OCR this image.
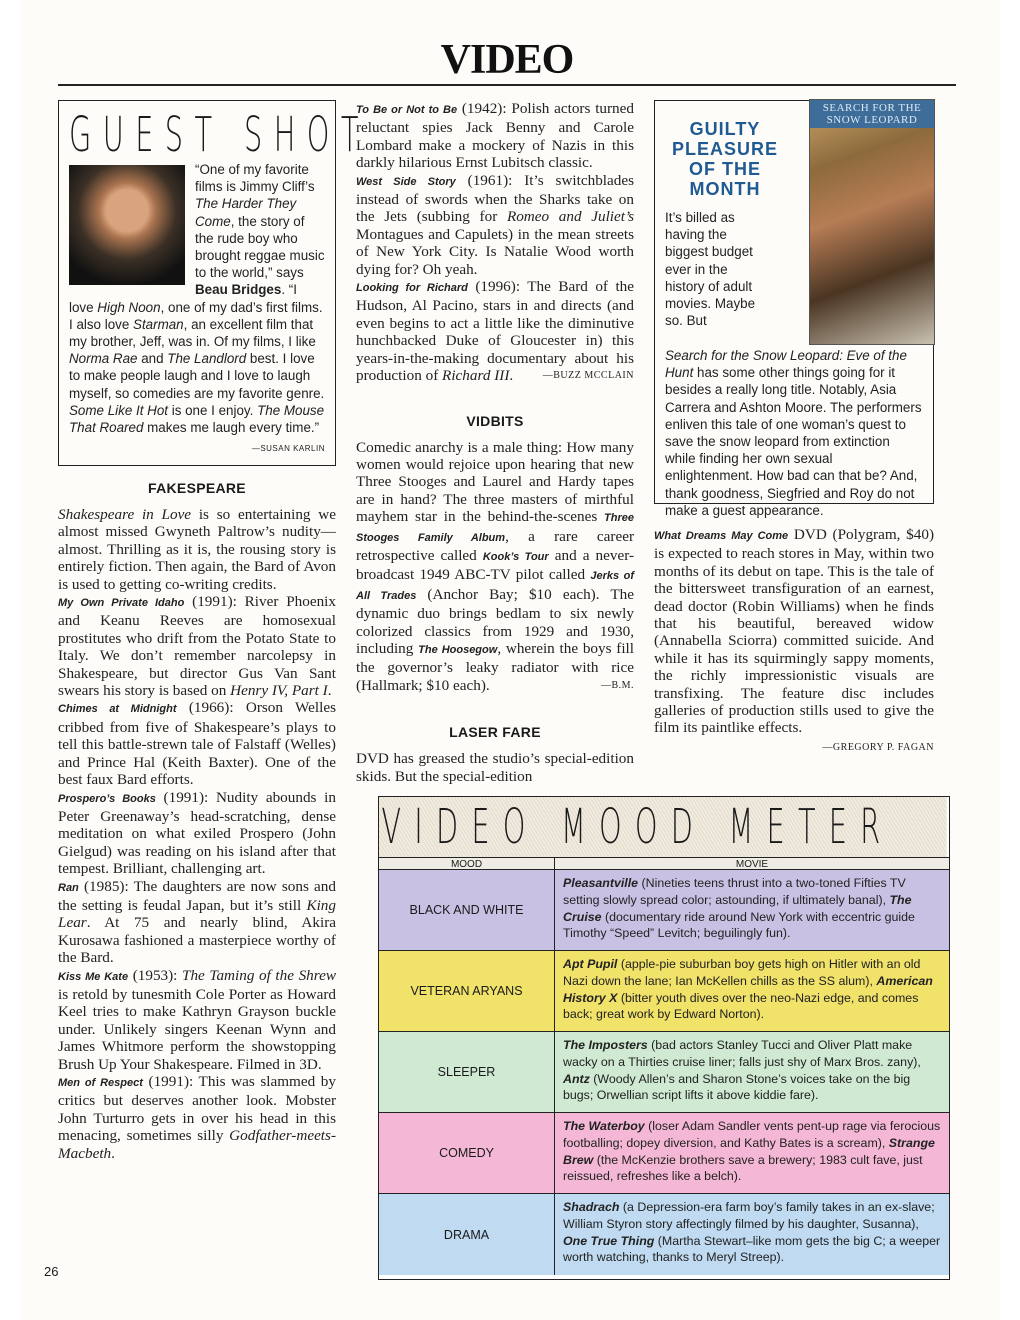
VIDEO
GUEST SHOT

“One of my favorite films is Jimmy Cliff’s The Harder They Come, the story of the rude boy who brought reggae music to the world,” says Beau Bridges. “I love High Noon, one of my dad’s first films. I also love Starman, an excellent film that my brother, Jeff, was in. Of my films, I like Norma Rae and The Landlord best. I love to make people laugh and I love to laugh myself, so comedies are my favorite genre. Some Like It Hot is one I enjoy. The Mouse That Roared makes me laugh every time.”
—SUSAN KARLIN

FAKESPEARE

Shakespeare in Love is so entertaining we almost missed Gwyneth Paltrow’s nudity—almost. Thrilling as it is, the rousing story is entirely fiction. Then again, the Bard of Avon is used to getting co-writing credits.

My Own Private Idaho (1991): River Phoenix and Keanu Reeves are homosexual prostitutes who drift from the Potato State to Italy. We don’t remember narcolepsy in Shakespeare, but director Gus Van Sant swears his story is based on Henry IV, Part I.

Chimes at Midnight (1966): Orson Welles cribbed from five of Shakespeare’s plays to tell this battle-strewn tale of Falstaff (Welles) and Prince Hal (Keith Baxter). One of the best faux Bard efforts.

Prospero’s Books (1991): Nudity abounds in Peter Greenaway’s head-scratching, dense meditation on what exiled Prospero (John Gielgud) was reading on his island after that tempest. Brilliant, challenging art.

Ran (1985): The daughters are now sons and the setting is feudal Japan, but it’s still King Lear. At 75 and nearly blind, Akira Kurosawa fashioned a masterpiece worthy of the Bard.

Kiss Me Kate (1953): The Taming of the Shrew is retold by tunesmith Cole Porter as Howard Keel tries to make Kathryn Grayson buckle under. Unlikely singers Keenan Wynn and James Whitmore perform the showstopping Brush Up Your Shakespeare. Filmed in 3D.

Men of Respect (1991): This was slammed by critics but deserves another look. Mobster John Turturro gets in over his head in this menacing, sometimes silly Godfather-meets-Macbeth.

To Be or Not to Be (1942): Polish actors turned reluctant spies Jack Benny and Carole Lombard make a mockery of Nazis in this darkly hilarious Ernst Lubitsch classic.

West Side Story (1961): It’s switchblades instead of swords when the Sharks take on the Jets (subbing for Romeo and Juliet’s Montagues and Capulets) in the mean streets of New York City. Is Natalie Wood worth dying for? Oh yeah.

Looking for Richard (1996): The Bard of the Hudson, Al Pacino, stars in and directs (and even begins to act a little like the diminutive hunchbacked Duke of Gloucester in) this years-in-the-making documentary about his production of Richard III.	—BUZZ MCCLAIN

VIDBITS

Comedic anarchy is a male thing: How many women would rejoice upon hearing that new Three Stooges and Laurel and Hardy tapes are in hand? The three masters of mirthful mayhem star in the behind-the-scenes Three Stooges Family Album, a rare career retrospective called Kook’s Tour and a never-broadcast 1949 ABC-TV pilot called Jerks of All Trades (Anchor Bay; $10 each). The dynamic duo brings bedlam to six newly colorized classics from 1929 and 1930, including The Hoosegow, wherein the boys fill the governor’s leaky radiator with rice (Hallmark; $10 each).	—B.M.

LASER FARE

DVD has greased the studio’s special-edition skids. But the special-edition

SEARCH FOR THE SNOW LEOPARD
GUILTY PLEASURE OF THE MONTH
It’s billed as having the biggest budget ever in the history of adult movies. Maybe so. But
Search for the Snow Leopard: Eve of the Hunt has some other things going for it besides a really long title. Notably, Asia Carrera and Ashton Moore. The performers enliven this tale of one woman’s quest to save the snow leopard from extinction while finding her own sexual enlightenment. How bad can that be? And, thank goodness, Siegfried and Roy do not make a guest appearance.

What Dreams May Come DVD (Polygram, $40) is expected to reach stores in May, within two months of its debut on tape. This is the tale of the bittersweet transfiguration of an earnest, dead doctor (Robin Williams) when he finds that his beautiful, bereaved widow (Annabella Sciorra) committed suicide. And while it has its squirmingly sappy moments, the richly impressionistic visuals are transfixing. The feature disc includes galleries of production stills used to give the film its paintlike effects.

—GREGORY P. FAGAN

VIDEO MOOD METER
MOOD	MOVIE
BLACK AND WHITE
Pleasantville (Nineties teens thrust into a two-toned Fifties TV setting slowly spread color; astounding, if ultimately banal), The Cruise (documentary ride around New York with eccentric guide Timothy “Speed” Levitch; beguilingly fun).
VETERAN ARYANS
Apt Pupil (apple-pie suburban boy gets high on Hitler with an old Nazi down the lane; Ian McKellen chills as the SS alum), American History X (bitter youth dives over the neo-Nazi edge, and comes back; great work by Edward Norton).
SLEEPER
The Imposters (bad actors Stanley Tucci and Oliver Platt make wacky on a Thirties cruise liner; falls just shy of Marx Bros. zany), Antz (Woody Allen’s and Sharon Stone’s voices take on the big bugs; Orwellian script lifts it above kiddie fare).
COMEDY
The Waterboy (loser Adam Sandler vents pent-up rage via ferocious footballing; dopey diversion, and Kathy Bates is a scream), Strange Brew (the McKenzie brothers save a brewery; 1983 cult fave, just reissued, refreshes like a belch).
DRAMA
Shadrach (a Depression-era farm boy’s family takes in an ex-slave; William Styron story affectingly filmed by his daughter, Susanna), One True Thing (Martha Stewart–like mom gets the big C; a weeper worth watching, thanks to Meryl Streep).
26
